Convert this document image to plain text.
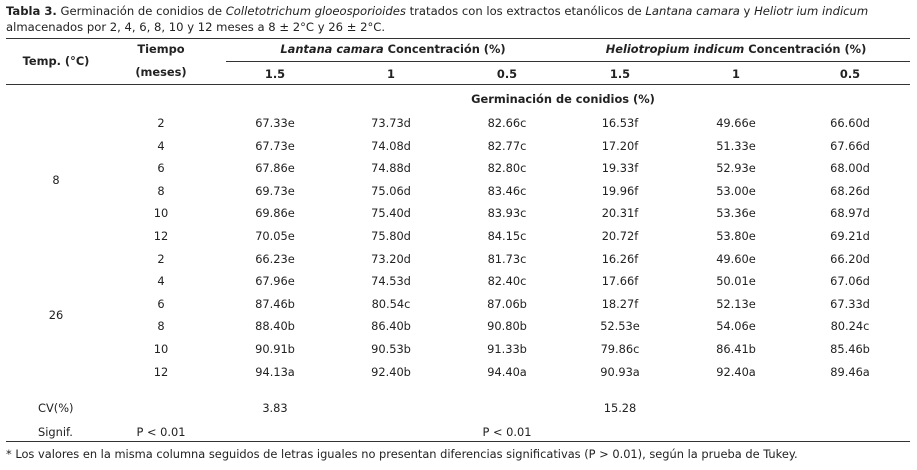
Tabla 3. Germinación de conidios de Colletotrichum gloeosporioides tratados con los extractos etanólicos de Lantana camara y Heliotr ium indicum almacenados por 2, 4, 6, 8, 10 y 12 meses a 8 ± 2°C y 26 ± 2°C.
Temp. (°C)
Tiempo
(meses)
Lantana camara Concentración (%)	Heliotropium indicum Concentración (%)
1.5	1	0.5	1.5	1	0.5
Germinación de conidios (%)
8
2	67.33e	73.73d	82.66c	16.53f	49.66e	66.60d
4	67.73e	74.08d	82.77c	17.20f	51.33e	67.66d
6	67.86e	74.88d	82.80c	19.33f	52.93e	68.00d
8	69.73e	75.06d	83.46c	19.96f	53.00e	68.26d
10	69.86e	75.40d	83.93c	20.31f	53.36e	68.97d
12	70.05e	75.80d	84.15c	20.72f	53.80e	69.21d
26
2	66.23e	73.20d	81.73c	16.26f	49.60e	66.20d
4	67.96e	74.53d	82.40c	17.66f	50.01e	67.06d
6	87.46b	80.54c	87.06b	18.27f	52.13e	67.33d
8	88.40b	86.40b	90.80b	52.53e	54.06e	80.24c
10	90.91b	90.53b	91.33b	79.86c	86.41b	85.46b
12	94.13a	92.40b	94.40a	90.93a	92.40a	89.46a
CV(%)	3.83	15.28
Signif.	P < 0.01	P < 0.01
* Los valores en la misma columna seguidos de letras iguales no presentan diferencias significativas (P > 0.01), según la prueba de Tukey.
